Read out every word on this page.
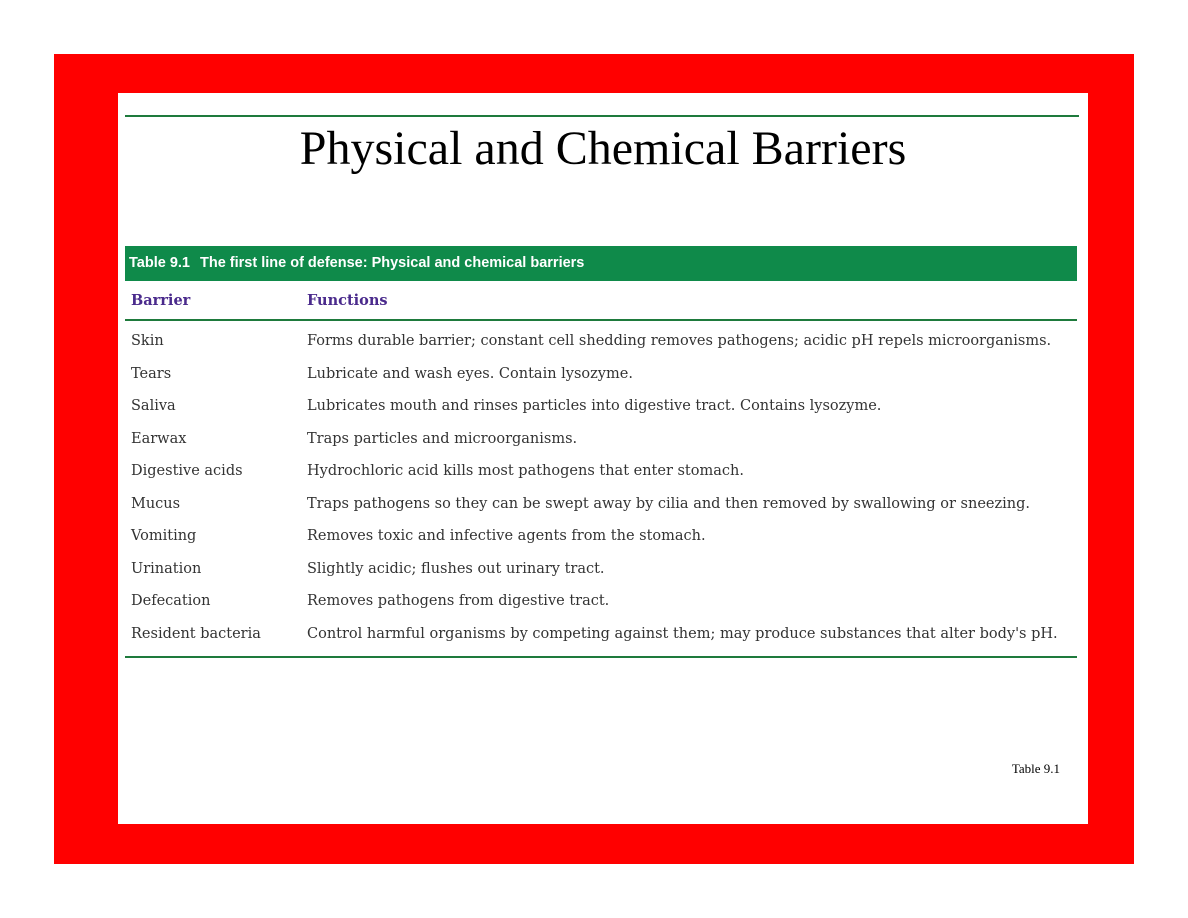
Physical and Chemical Barriers
Table 9.1 The first line of defense: Physical and chemical barriers
Barrier	Functions
Skin	Forms durable barrier; constant cell shedding removes pathogens; acidic pH repels microorganisms.
Tears	Lubricate and wash eyes. Contain lysozyme.
Saliva	Lubricates mouth and rinses particles into digestive tract. Contains lysozyme.
Earwax	Traps particles and microorganisms.
Digestive acids	Hydrochloric acid kills most pathogens that enter stomach.
Mucus	Traps pathogens so they can be swept away by cilia and then removed by swallowing or sneezing.
Vomiting	Removes toxic and infective agents from the stomach.
Urination	Slightly acidic; flushes out urinary tract.
Defecation	Removes pathogens from digestive tract.
Resident bacteria	Control harmful organisms by competing against them; may produce substances that alter body's pH.
Table 9.1
